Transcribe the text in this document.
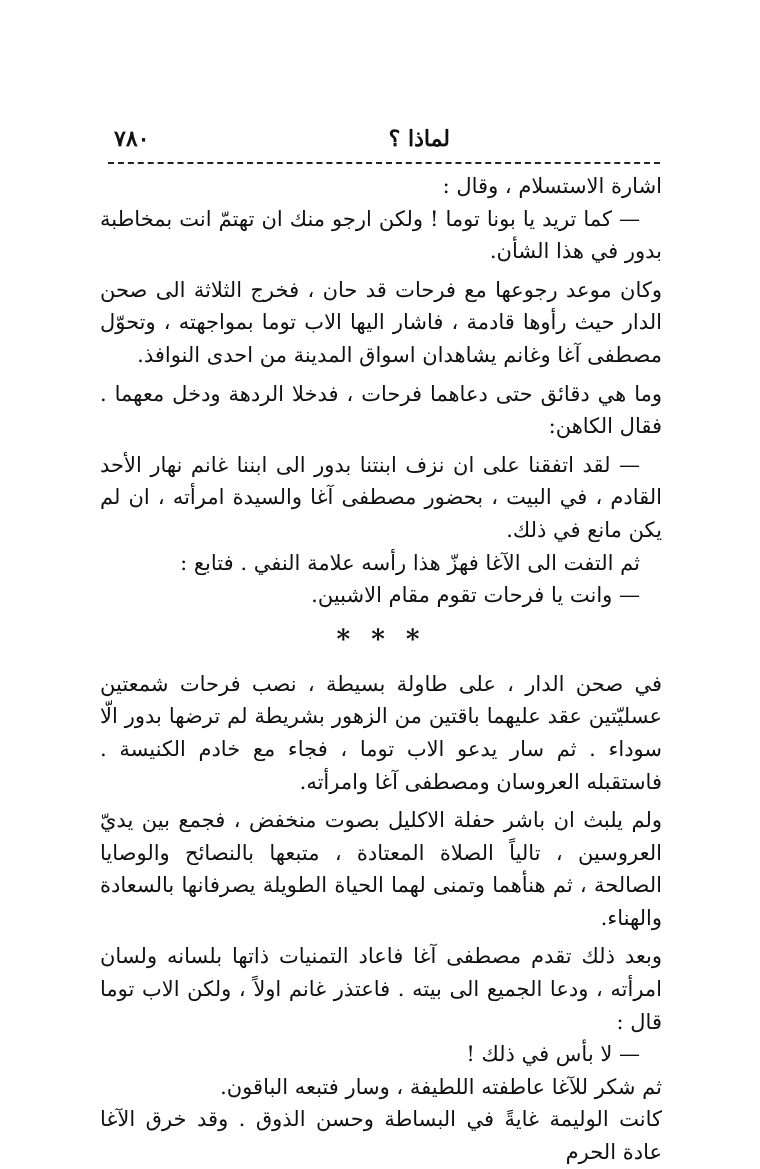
٧٨٠	لماذا ؟

اشارة الاستسلام ، وقال :

— كما تريد يا بونا توما ! ولكن ارجو منك ان تهتمّ انت بمخاطبة بدور في هذا الشأن.

وكان موعد رجوعها مع فرحات قد حان ، فخرج الثلاثة الى صحن الدار حيث رأوها قادمة ، فاشار اليها الاب توما بمواجهته ، وتحوّل مصطفى آغا وغانم يشاهدان اسواق المدينة من احدى النوافذ.

وما هي دقائق حتى دعاهما فرحات ، فدخلا الردهة ودخل معهما . فقال الكاهن:

— لقد اتفقنا على ان نزف ابنتنا بدور الى ابننا غانم نهار الأحد القادم ، في البيت ، بحضور مصطفى آغا والسيدة امرأته ، ان لم يكن مانع في ذلك.

ثم التفت الى الآغا فهزّ هذا رأسه علامة النفي . فتابع :

— وانت يا فرحات تقوم مقام الاشبين.

* * *

في صحن الدار ، على طاولة بسيطة ، نصب فرحات شمعتين عسليّتين عقد عليهما باقتين من الزهور بشريطة لم ترضها بدور الّا سوداء . ثم سار يدعو الاب توما ، فجاء مع خادم الكنيسة . فاستقبله العروسان ومصطفى آغا وامرأته.

ولم يلبث ان باشر حفلة الاكليل بصوت منخفض ، فجمع بين يديّ العروسين ، تالياً الصلاة المعتادة ، متبعها بالنصائح والوصايا الصالحة ، ثم هنأهما وتمنى لهما الحياة الطويلة يصرفانها بالسعادة والهناء.

وبعد ذلك تقدم مصطفى آغا فاعاد التمنيات ذاتها بلسانه ولسان امرأته ، ودعا الجميع الى بيته . فاعتذر غانم اولاً ، ولكن الاب توما قال :

— لا بأس في ذلك !

ثم شكر للآغا عاطفته اللطيفة ، وسار فتبعه الباقون.

كانت الوليمة غايةً في البساطة وحسن الذوق . وقد خرق الآغا عادة الحرم
